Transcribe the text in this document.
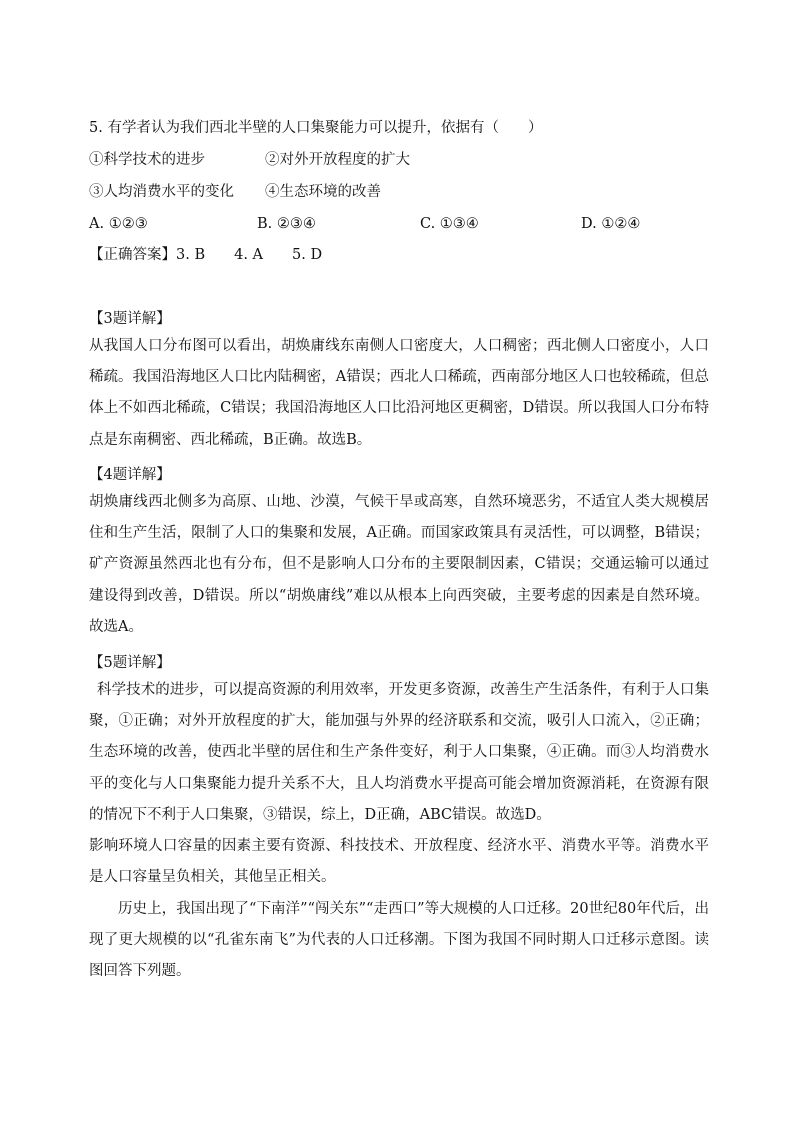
5. 有学者认为我们西北半壁的人口集聚能力可以提升，依据有（　　）
①科学技术的进步	②对外开放程度的扩大
③人均消费水平的变化 ④生态环境的改善
A. ①②③	B. ②③④	C. ①③④	D. ①②④
【正确答案】3. B　　4. A　　5. D
【3题详解】
从我国人口分布图可以看出，胡焕庸线东南侧人口密度大，人口稠密；西北侧人口密度小，人口稀疏。我国沿海地区人口比内陆稠密，A错误；西北人口稀疏，西南部分地区人口也较稀疏，但总体上不如西北稀疏，C错误；我国沿海地区人口比沿河地区更稠密，D错误。所以我国人口分布特点是东南稠密、西北稀疏，B正确。故选B。
【4题详解】
胡焕庸线西北侧多为高原、山地、沙漠，气候干旱或高寒，自然环境恶劣，不适宜人类大规模居住和生产生活，限制了人口的集聚和发展，A正确。而国家政策具有灵活性，可以调整，B错误；矿产资源虽然西北也有分布，但不是影响人口分布的主要限制因素，C错误；交通运输可以通过建设得到改善，D错误。所以“胡焕庸线”难以从根本上向西突破，主要考虑的因素是自然环境。故选A。
【5题详解】
科学技术的进步，可以提高资源的利用效率，开发更多资源，改善生产生活条件，有利于人口集聚，①正确；对外开放程度的扩大，能加强与外界的经济联系和交流，吸引人口流入，②正确；生态环境的改善，使西北半壁的居住和生产条件变好，利于人口集聚，④正确。而③人均消费水平的变化与人口集聚能力提升关系不大，且人均消费水平提高可能会增加资源消耗，在资源有限的情况下不利于人口集聚，③错误，综上，D正确，ABC错误。故选D。
影响环境人口容量的因素主要有资源、科技技术、开放程度、经济水平、消费水平等。消费水平是人口容量呈负相关，其他呈正相关。
历史上，我国出现了“下南洋”“闯关东”“走西口”等大规模的人口迁移。20世纪80年代后，出现了更大规模的以“孔雀东南飞”为代表的人口迁移潮。下图为我国不同时期人口迁移示意图。读图回答下列题。
